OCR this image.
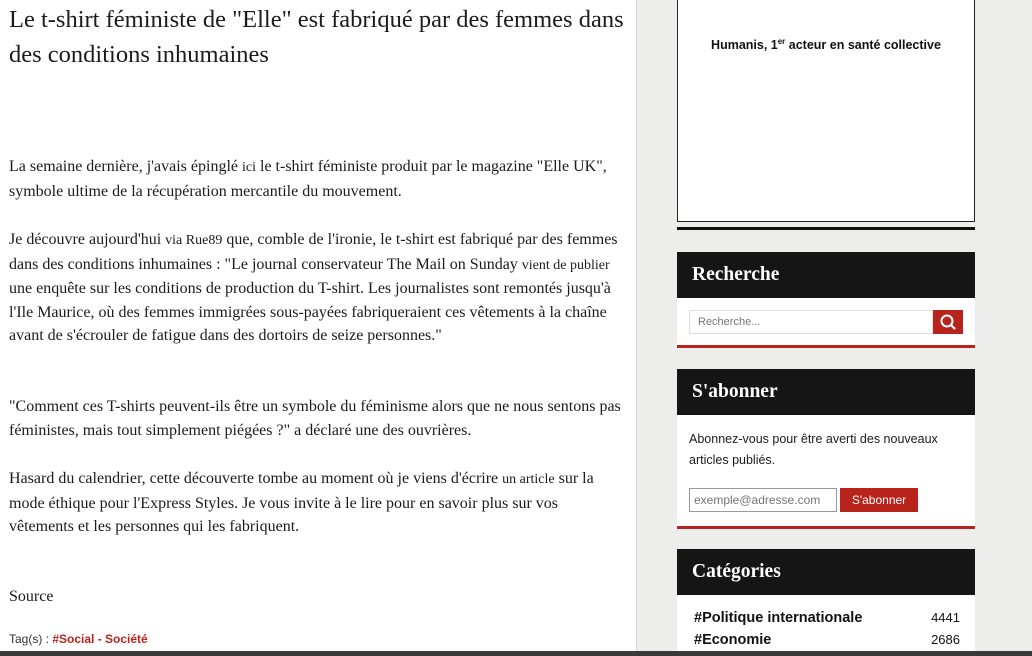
Le t-shirt féministe de "Elle" est fabriqué par des femmes dans des conditions inhumaines

La semaine dernière, j'avais épinglé ici le t-shirt féministe produit par le magazine "Elle UK", symbole ultime de la récupération mercantile du mouvement.

Je découvre aujourd'hui via Rue89 que, comble de l'ironie, le t-shirt est fabriqué par des femmes dans des conditions inhumaines : "Le journal conservateur The Mail on Sunday vient de publier une enquête sur les conditions de production du T-shirt. Les journalistes sont remontés jusqu'à l'Ile Maurice, où des femmes immigrées sous-payées fabriqueraient ces vêtements à la chaîne avant de s'écrouler de fatigue dans des dortoirs de seize personnes."

"Comment ces T-shirts peuvent-ils être un symbole du féminisme alors que ne nous sentons pas féministes, mais tout simplement piégées ?" a déclaré une des ouvrières.

Hasard du calendrier, cette découverte tombe au moment où je viens d'écrire un article sur la mode éthique pour l'Express Styles. Je vous invite à le lire pour en savoir plus sur vos vêtements et les personnes qui les fabriquent.

Source

Tag(s) : #Social - Société
Humanis, 1er acteur en santé collective
Recherche
Recherche...
S'abonner

Abonnez-vous pour être averti des nouveaux articles publiés.

exemple@adresse.com
S'abonner
Catégories
#Politique internationale	4441
#Economie	2686
